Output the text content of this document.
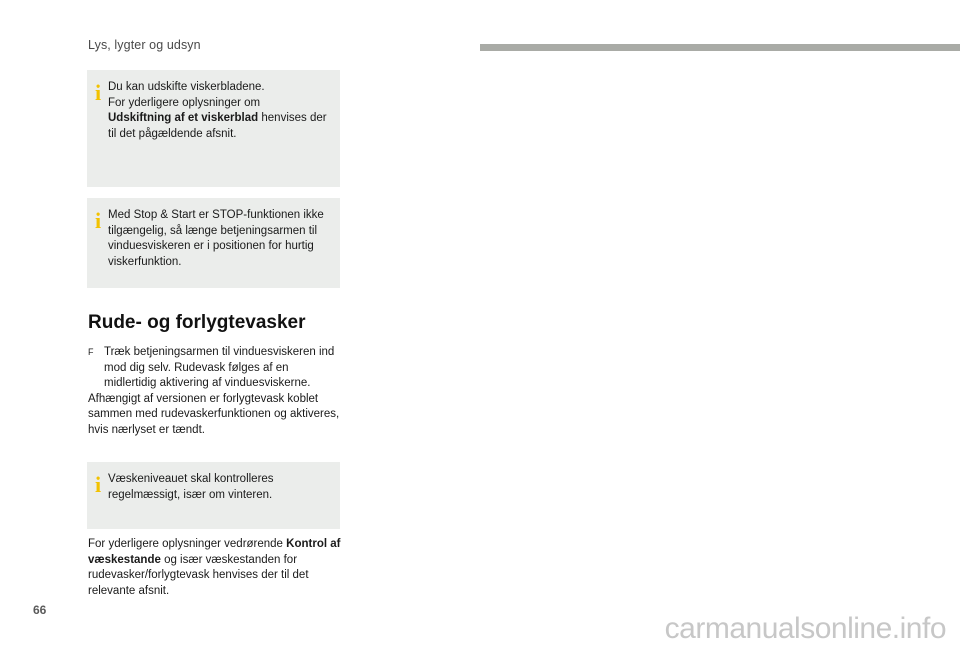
Lys, lygter og udsyn
i Du kan udskifte viskerbladene.
For yderligere oplysninger om
Udskiftning af et viskerblad henvises der til det pågældende afsnit.

i Med Stop & Start er STOP-funktionen ikke tilgængelig, så længe betjeningsarmen til vinduesviskeren er i positionen for hurtig viskerfunktion.

Rude- og forlygtevasker
F Træk betjeningsarmen til vinduesviskeren ind mod dig selv. Rudevask følges af en midlertidig aktivering af vinduesviskerne.
Afhængigt af versionen er forlygtevask koblet sammen med rudevaskerfunktionen og aktiveres, hvis nærlyset er tændt.
i Væskeniveauet skal kontrolleres regelmæssigt, især om vinteren.

For yderligere oplysninger vedrørende Kontrol af væskestande og især væskestanden for rudevasker/forlygtevask henvises der til det relevante afsnit.
66
carmanualsonline.info
